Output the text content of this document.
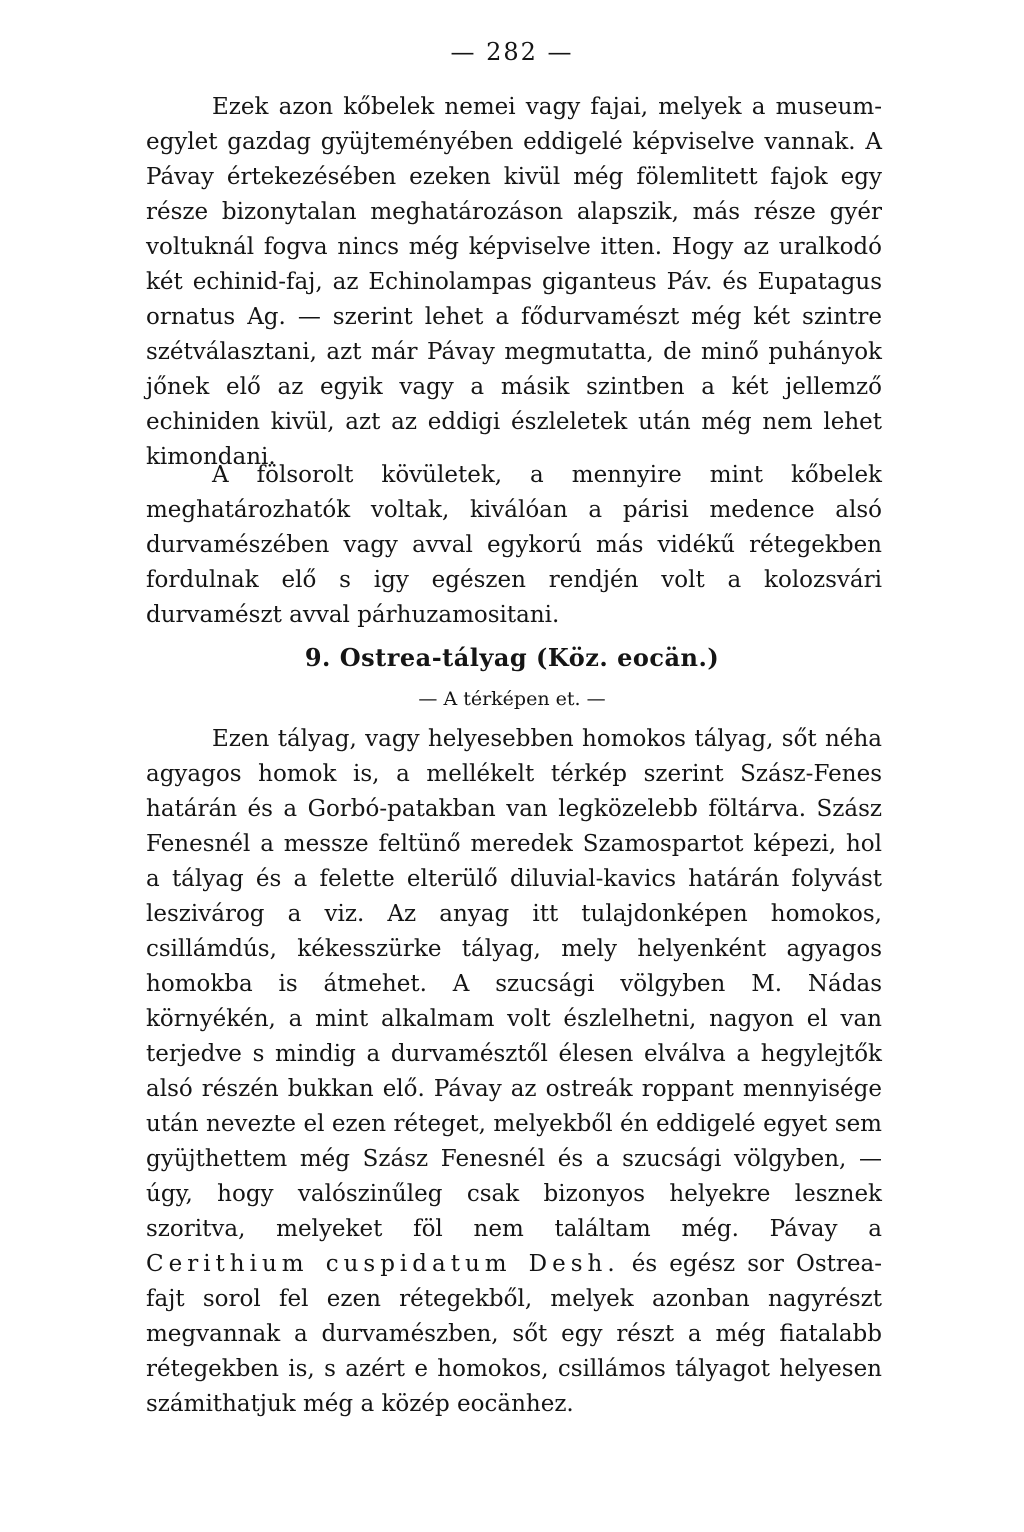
— 282 —

Ezek azon kőbelek nemei vagy fajai, melyek a museum-egylet gazdag gyüjteményében eddigelé képviselve vannak. A Pávay értekezésében ezeken kivül még fölemlitett fajok egy része bizonytalan meghatározáson alapszik, más része gyér voltuknál fogva nincs még képviselve itten. Hogy az uralkodó két echinid-faj, az Echinolampas giganteus Páv. és Eupatagus ornatus Ag. — szerint lehet a fődurvamészt még két szintre szétválasztani, azt már Pávay megmutatta, de minő puhányok jőnek elő az egyik vagy a másik szintben a két jellemző echiniden kivül, azt az eddigi észleletek után még nem lehet kimondani.

A fölsorolt kövületek, a mennyire mint kőbelek meghatározhatók voltak, kiválóan a párisi medence alsó durvamészében vagy avval egykorú más vidékű rétegekben fordulnak elő s igy egészen rendjén volt a kolozsvári durvamészt avval párhuzamositani.

9. Ostrea-tályag (Köz. eocän.)
— A térképen et. —

Ezen tályag, vagy helyesebben homokos tályag, sőt néha agyagos homok is, a mellékelt térkép szerint Szász-Fenes határán és a Gorbó-patakban van legközelebb föltárva. Szász Fenesnél a messze feltünő meredek Szamospartot képezi, hol a tályag és a felette elterülő diluvial-kavics határán folyvást leszivárog a viz. Az anyag itt tulajdonképen homokos, csillámdús, kékesszürke tályag, mely helyenként agyagos homokba is átmehet. A szucsági völgyben M. Nádas környékén, a mint alkalmam volt észlelhetni, nagyon el van terjedve s mindig a durvamésztől élesen elválva a hegylejtők alsó részén bukkan elő. Pávay az ostreák roppant mennyisége után nevezte el ezen réteget, melyekből én eddigelé egyet sem gyüjthettem még Szász Fenesnél és a szucsági völgyben, — úgy, hogy valószinűleg csak bizonyos helyekre lesznek szoritva, melyeket föl nem találtam még. Pávay a Cerithium cuspidatum Desh. és egész sor Ostrea- fajt sorol fel ezen rétegekből, melyek azonban nagyrészt megvannak a durvamészben, sőt egy részt a még fiatalabb rétegekben is, s azért e homokos, csillámos tályagot helyesen számithatjuk még a közép eocänhez.
